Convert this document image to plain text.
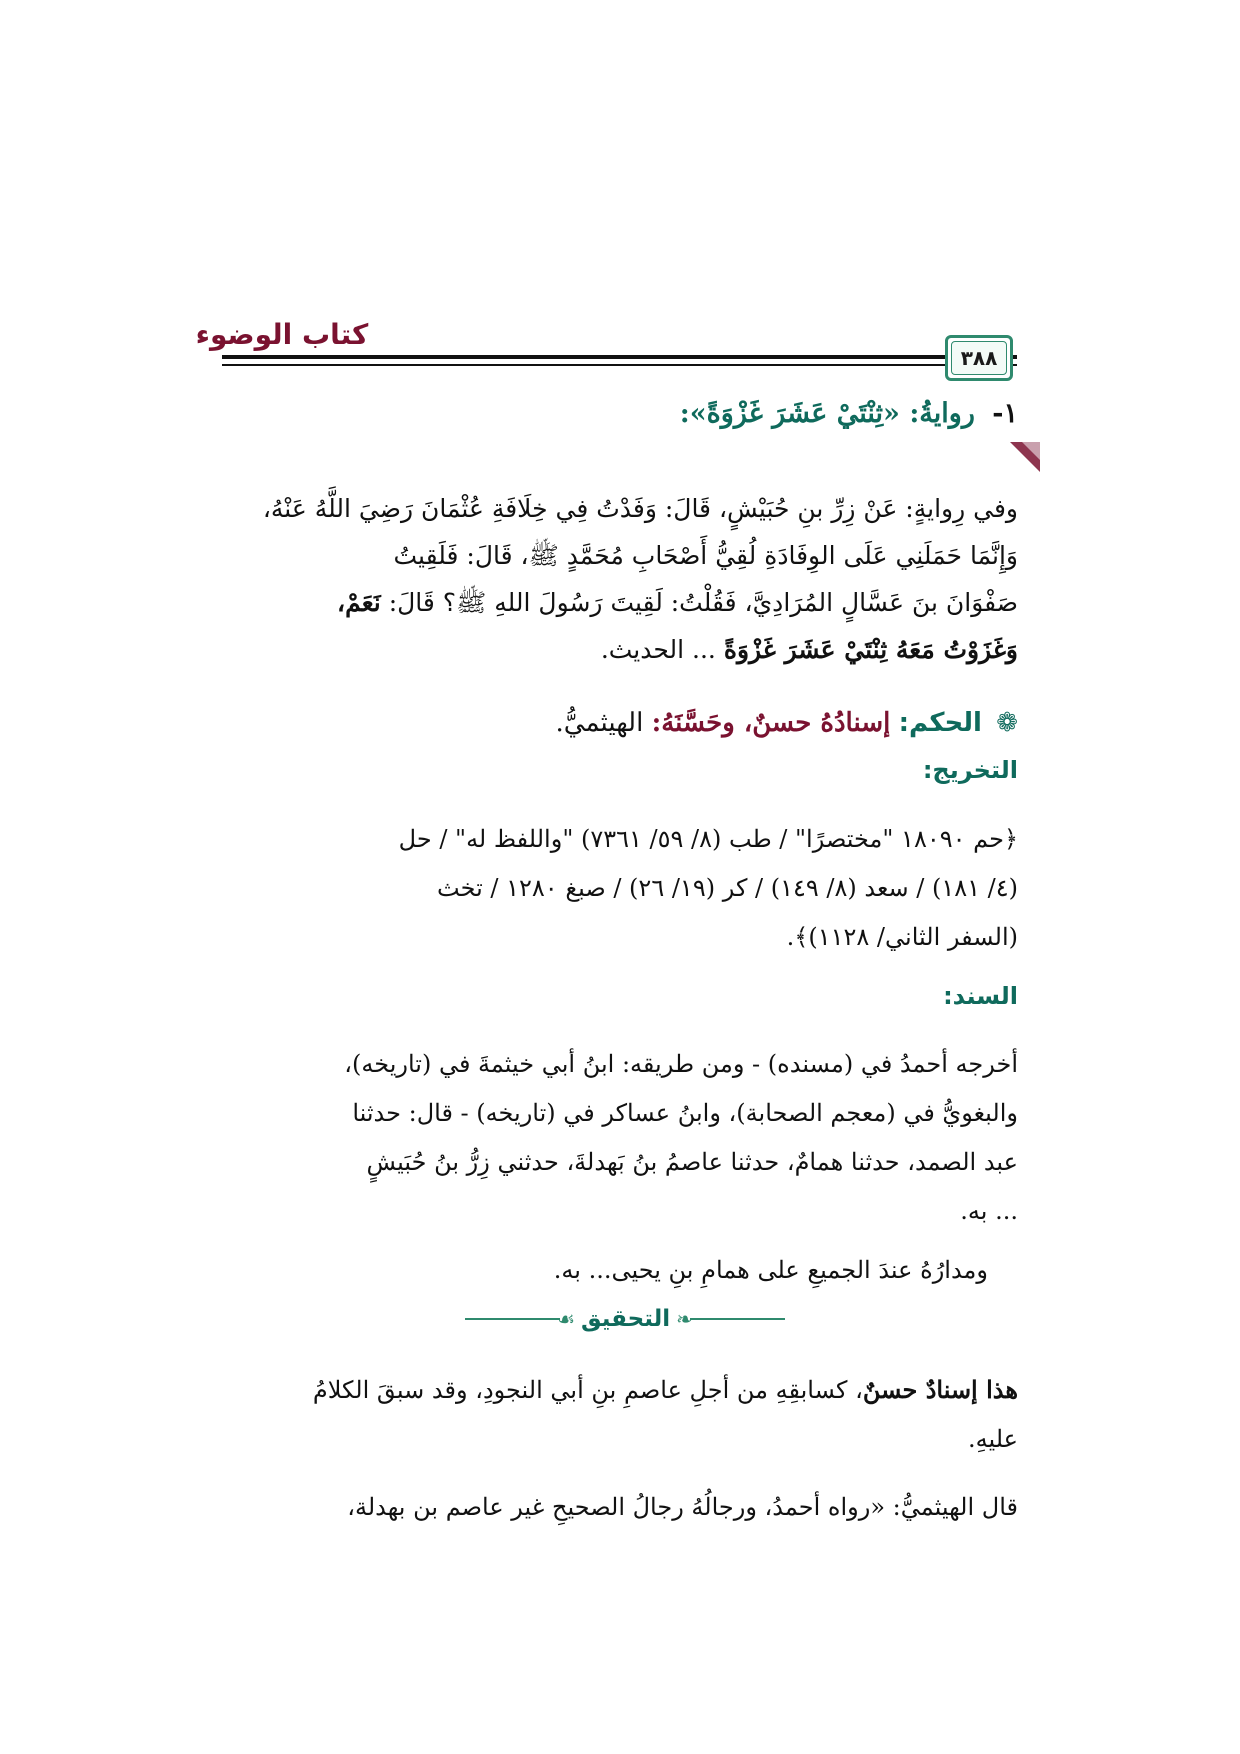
كتاب الوضوء
٣٨٨
١- روايةُ: «ثِنْتَيْ عَشَرَ غَزْوَةً»:

وفي رِوايةٍ: عَنْ زِرِّ بنِ حُبَيْشٍ، قَالَ: وَفَدْتُ فِي خِلَافَةِ عُثْمَانَ رَضِيَ اللَّهُ عَنْهُ،

وَإِنَّمَا حَمَلَنِي عَلَى الوِفَادَةِ لُقِيُّ أَصْحَابِ مُحَمَّدٍ ﷺ، قَالَ: فَلَقِيتُ

صَفْوَانَ بنَ عَسَّالٍ المُرَادِيَّ، فَقُلْتُ: لَقِيتَ رَسُولَ اللهِ ﷺ؟ قَالَ: نَعَمْ،

وَغَزَوْتُ مَعَهُ ثِنْتَيْ عَشَرَ غَزْوَةً ... الحديث.

❁ الحكم: إسنادُهُ حسنٌ، وحَسَّنَهُ: الهيثميُّ.
التخريج:

﴿حم ١٨٠٩٠ "مختصرًا" / طب (٨/ ٥٩/ ٧٣٦١) "واللفظ له" / حل

(٤/ ١٨١) / سعد (٨/ ١٤٩) / كر (١٩/ ٢٦) / صبغ ١٢٨٠ / تخث

(السفر الثاني/ ١١٢٨)﴾.

السند:

أخرجه أحمدُ في (مسنده) - ومن طريقه: ابنُ أبي خيثمةَ في (تاريخه)،

والبغويُّ في (معجم الصحابة)، وابنُ عساكر في (تاريخه) - قال: حدثنا

عبد الصمد، حدثنا همامٌ، حدثنا عاصمُ بنُ بَهدلةَ، حدثني زِرُّ بنُ حُبَيشٍ

... به.

ومدارُهُ عندَ الجميعِ على همامِ بنِ يحيى... به.

❧التحقيق☙

هذا إسنادٌ حسنٌ، كسابقِهِ من أجلِ عاصمِ بنِ أبي النجودِ، وقد سبقَ الكلامُ

عليهِ.

قال الهيثميُّ: «رواه أحمدُ، ورجالُهُ رجالُ الصحيحِ غير عاصم بن بهدلة،
